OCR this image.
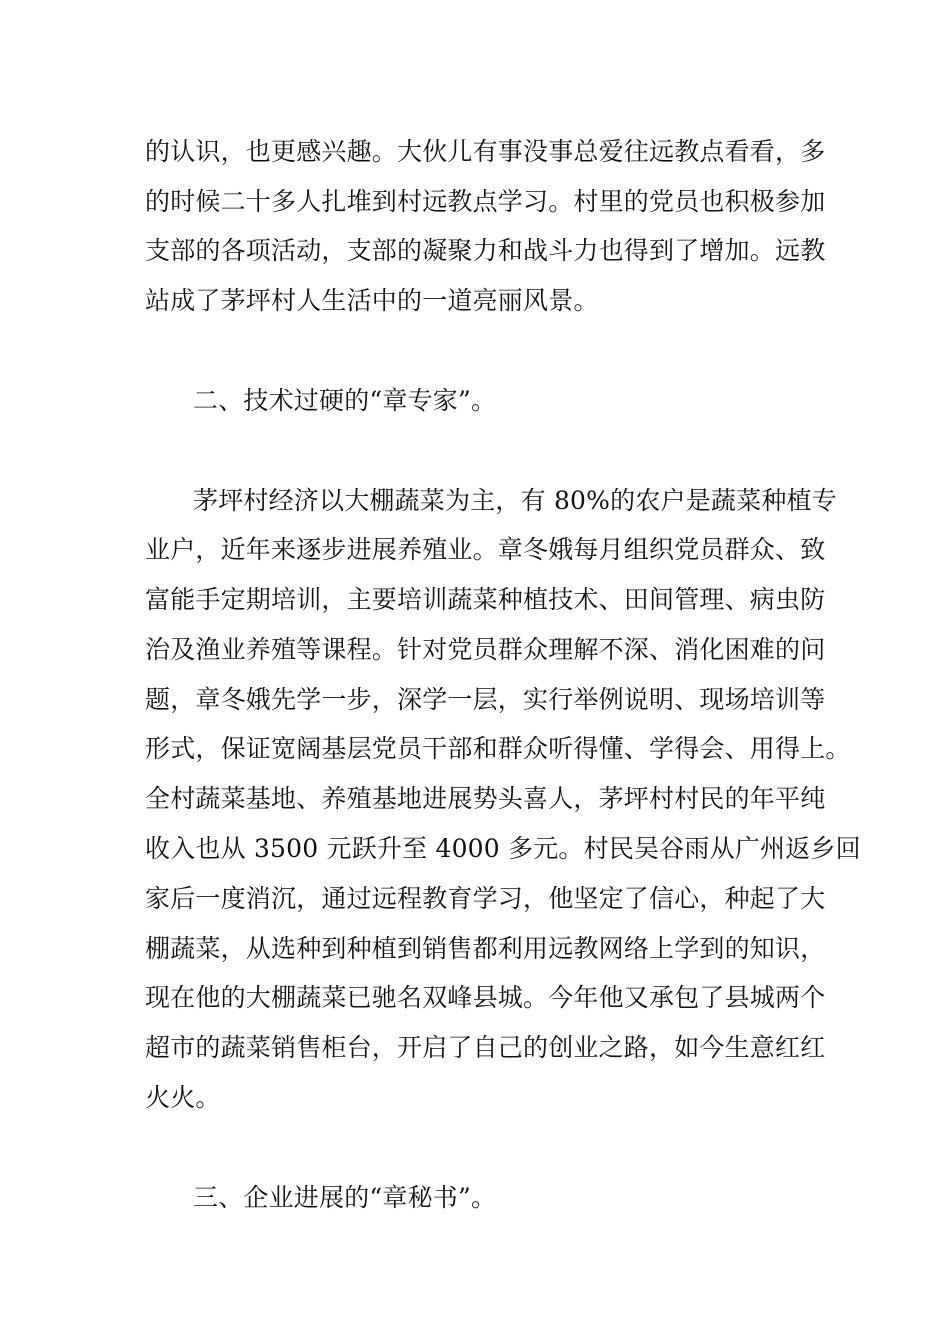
的认识，也更感兴趣。大伙儿有事没事总爱往远教点看看，多
的时候二十多人扎堆到村远教点学习。村里的党员也积极参加
支部的各项活动，支部的凝聚力和战斗力也得到了增加。远教
站成了茅坪村人生活中的一道亮丽风景。
二、技术过硬的“章专家”。
茅坪村经济以大棚蔬菜为主，有 80%的农户是蔬菜种植专
业户，近年来逐步进展养殖业。章冬娥每月组织党员群众、致
富能手定期培训，主要培训蔬菜种植技术、田间管理、病虫防
治及渔业养殖等课程。针对党员群众理解不深、消化困难的问
题，章冬娥先学一步，深学一层，实行举例说明、现场培训等
形式，保证宽阔基层党员干部和群众听得懂、学得会、用得上。
全村蔬菜基地、养殖基地进展势头喜人，茅坪村村民的年平纯
收入也从 3500 元跃升至 4000 多元。村民吴谷雨从广州返乡回
家后一度消沉，通过远程教育学习，他坚定了信心，种起了大
棚蔬菜，从选种到种植到销售都利用远教网络上学到的知识，
现在他的大棚蔬菜已驰名双峰县城。今年他又承包了县城两个
超市的蔬菜销售柜台，开启了自己的创业之路，如今生意红红
火火。
三、企业进展的“章秘书”。
